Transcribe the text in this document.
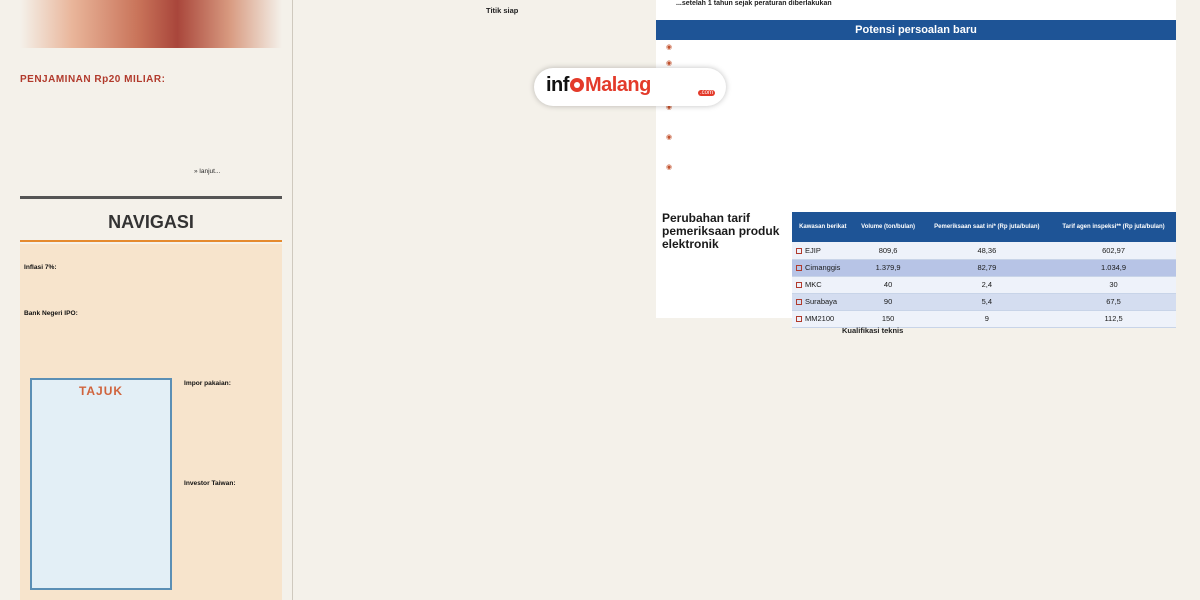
PENJAMINAN Rp20 MILIAR:
» lanjut...
NAVIGASI
Inflasi 7%:
Bank Negeri IPO:
TAJUK
Impor pakaian:
Investor Taiwan:
Titik siap
...setelah 1 tahun sejak peraturan diberlakukan
Potensi persoalan baru
Perubahan tarif pemeriksaan produk elektronik
Kawasan berikat	Volume (ton/bulan)	Pemeriksaan saat ini* (Rp juta/bulan)	Tarif agen inspeksi** (Rp juta/bulan)
EJIP	809,6	48,36	602,97
Cimanggis	1.379,9	82,79	1.034,9
MKC	40	2,4	30
Surabaya	90	5,4	67,5
MM2100	150	9	112,5
Kualifikasi teknis
inf Malang	.com
